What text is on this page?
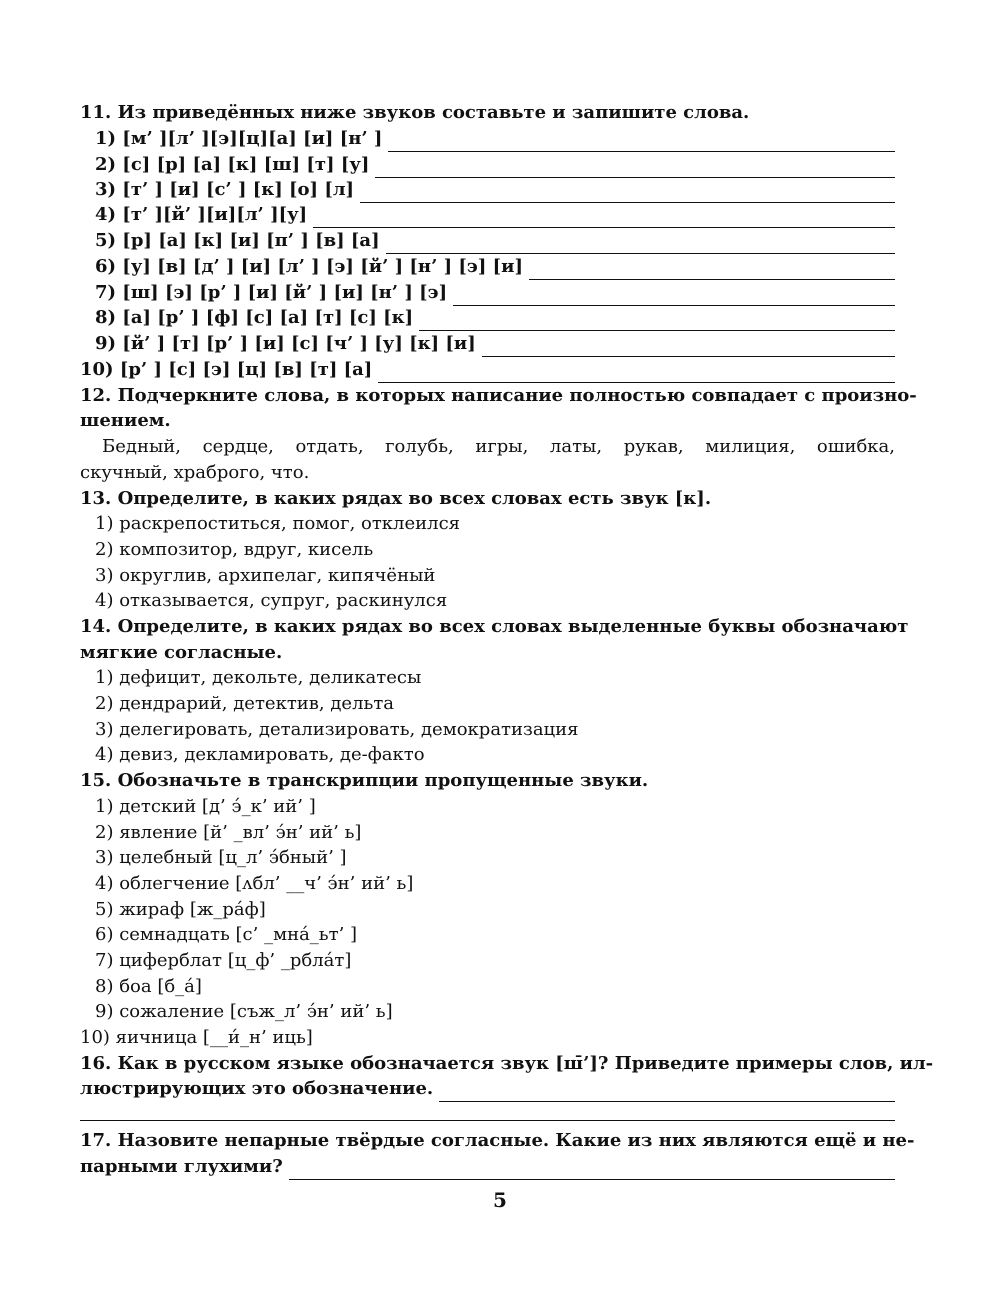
11. Из приведённых ниже звуков составьте и запишите слова.
1) [м’ ][л’ ][э][ц][а] [и] [н’ ]
2) [с] [р] [а] [к] [ш] [т] [у]
3) [т’ ] [и] [с’ ] [к] [о] [л]
4) [т’ ][й’ ][и][л’ ][у]
5) [р] [а] [к] [и] [п’ ] [в] [а]
6) [у] [в] [д’ ] [и] [л’ ] [э] [й’ ] [н’ ] [э] [и]
7) [ш] [э] [р’ ] [и] [й’ ] [и] [н’ ] [э]
8) [а] [р’ ] [ф] [с] [а] [т] [с] [к]
9) [й’ ] [т] [р’ ] [и] [с] [ч’ ] [у] [к] [и]
10) [р’ ] [с] [э] [ц] [в] [т] [а]
12. Подчеркните слова, в которых написание полностью совпадает с произно-
шением.
Бедный, сердце, отдать, голубь, игры, латы, рукав, милиция, ошибка,
скучный, храброго, что.
13. Определите, в каких рядах во всех словах есть звук [к].
1) раскрепоститься, помог, отклеился
2) композитор, вдруг, кисель
3) округлив, архипелаг, кипячёный
4) отказывается, супруг, раскинулся
14. Определите, в каких рядах во всех словах выделенные буквы обозначают
мягкие согласные.
1) дефицит, декольте, деликатесы
2) дендрарий, детектив, дельта
3) делегировать, детализировать, демократизация
4) девиз, декламировать, де-факто
15. Обозначьте в транскрипции пропущенные звуки.
1) детский [д’ э́_к’ ий’ ]
2) явление [й’ _вл’ э́н’ ий’ ь]
3) целебный [ц_л’ э́бный’ ]
4) облегчение [ʌбл’ __ч’ э́н’ ий’ ь]
5) жираф [ж_ра́ф]
6) семнадцать [с’ _мна́_ьт’ ]
7) циферблат [ц_ф’ _рбла́т]
8) боа [б_а́]
9) сожаление [съж_л’ э́н’ ий’ ь]
10) яичница [__и́_н’ иць]
16. Как в русском языке обозначается звук [ш̄’]? Приведите примеры слов, ил-
люстрирующих это обозначение.
17. Назовите непарные твёрдые согласные. Какие из них являются ещё и не-
парными глухими?
5
